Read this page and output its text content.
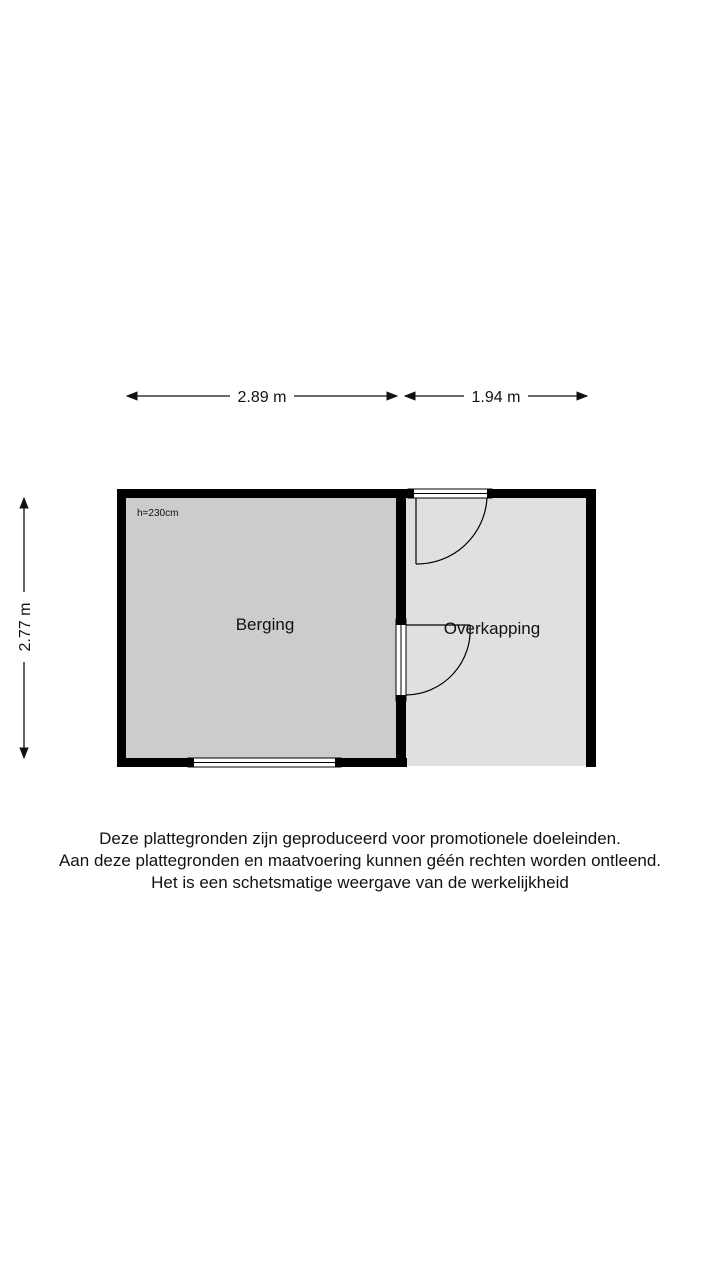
2.89 m	1.94 m
2.77 m
h=230cm
Berging	Overkapping
Deze plattegronden zijn geproduceerd voor promotionele doeleinden.
Aan deze plattegronden en maatvoering kunnen géén rechten worden ontleend.
Het is een schetsmatige weergave van de werkelijkheid
